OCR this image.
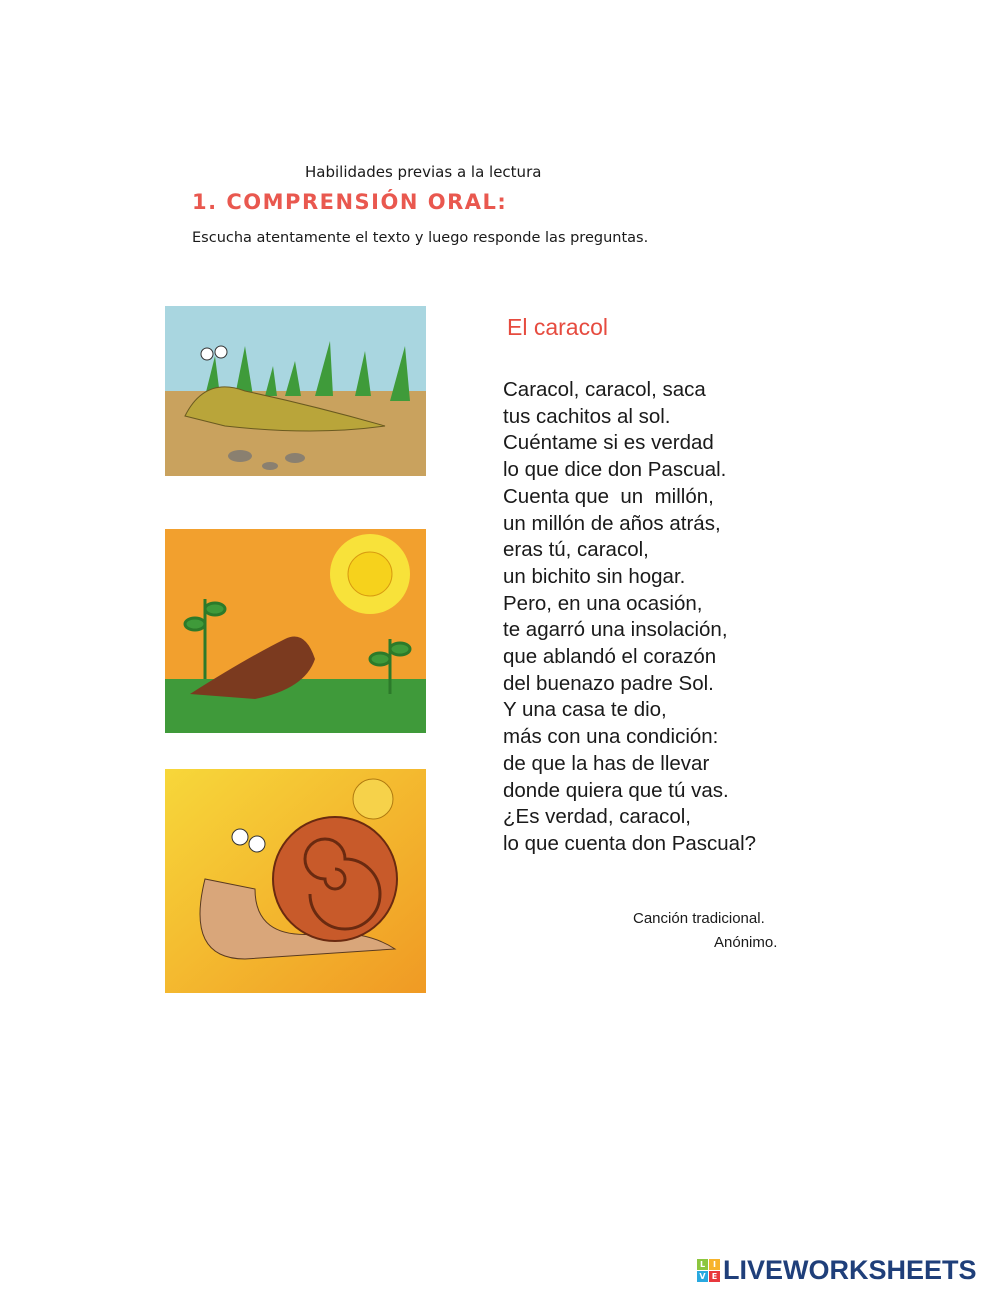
Habilidades previas a la lectura
1. COMPRENSIÓN ORAL:
Escucha atentamente el texto y luego responde las preguntas.
El caracol
Caracol, caracol, saca
tus cachitos al sol.
Cuéntame si es verdad
lo que dice don Pascual.
Cuenta que  un  millón,
un millón de años atrás,
eras tú, caracol,
un bichito sin hogar.
Pero, en una ocasión,
te agarró una insolación,
que ablandó el corazón
del buenazo padre Sol.
Y una casa te dio,
más con una condición:
de que la has de llevar
donde quiera que tú vas.
¿Es verdad, caracol,
lo que cuenta don Pascual?
Canción tradicional.
Anónimo.
L I
V E LIVEWORKSHEETS
